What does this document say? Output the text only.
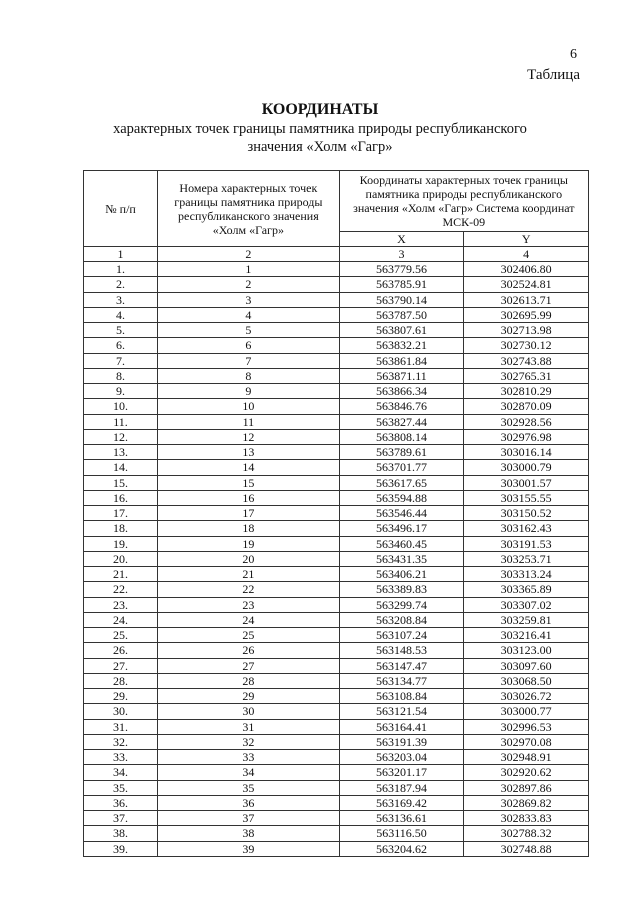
6
Таблица
КООРДИНАТЫ
характерных точек границы памятника природы республиканского
значения «Холм «Гагр»
№ п/п	Номера характерных точек границы памятника природы республиканского значения «Холм «Гагр»	Координаты характерных точек границы памятника природы республиканского значения «Холм «Гагр» Система координат МСК-09	

		X	Y
1	2	3	4
1.	1	563779.56	302406.80
2.	2	563785.91	302524.81
3.	3	563790.14	302613.71
4.	4	563787.50	302695.99
5.	5	563807.61	302713.98
6.	6	563832.21	302730.12
7.	7	563861.84	302743.88
8.	8	563871.11	302765.31
9.	9	563866.34	302810.29
10.	10	563846.76	302870.09
11.	11	563827.44	302928.56
12.	12	563808.14	302976.98
13.	13	563789.61	303016.14
14.	14	563701.77	303000.79
15.	15	563617.65	303001.57
16.	16	563594.88	303155.55
17.	17	563546.44	303150.52
18.	18	563496.17	303162.43
19.	19	563460.45	303191.53
20.	20	563431.35	303253.71
21.	21	563406.21	303313.24
22.	22	563389.83	303365.89
23.	23	563299.74	303307.02
24.	24	563208.84	303259.81
25.	25	563107.24	303216.41
26.	26	563148.53	303123.00
27.	27	563147.47	303097.60
28.	28	563134.77	303068.50
29.	29	563108.84	303026.72
30.	30	563121.54	303000.77
31.	31	563164.41	302996.53
32.	32	563191.39	302970.08
33.	33	563203.04	302948.91
34.	34	563201.17	302920.62
35.	35	563187.94	302897.86
36.	36	563169.42	302869.82
37.	37	563136.61	302833.83
38.	38	563116.50	302788.32
39.	39	563204.62	302748.88
